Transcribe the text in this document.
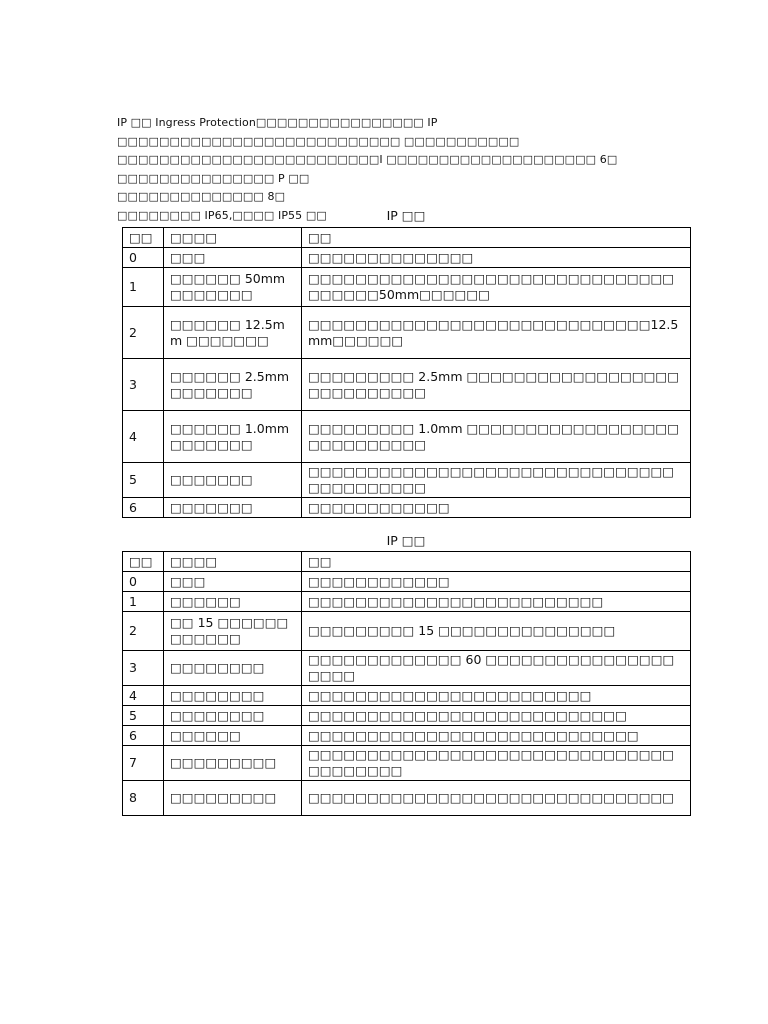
IP □□ Ingress Protection□□□□□□□□□□□□□□□□ IP □□□□□□□□□□□□□□□□□□□□□□□□□□□ □□□□□□□□□□□

□□□□□□□□□□□□□□□□□□□□□□□□□I □□□□□□□□□□□□□□□□□□□□ 6□ □□□□□□□□□□□□□□□ P □□

□□□□□□□□□□□□□□ 8□

□□□□□□□□ IP65,□□□□ IP55 □□	IP □□
□□	□□□□	□□
0	□□□	□□□□□□□□□□□□□□
1	□□□□□□ 50mm □□□□□□□	□□□□□□□□□□□□□□□□□□□□□□□□□□□□□□□□□□□□□50mm□□□□□□
2	□□□□□□ 12.5mm □□□□□□□	□□□□□□□□□□□□□□□□□□□□□□□□□□□□□12.5mm□□□□□□
3	□□□□□□ 2.5mm □□□□□□□	□□□□□□□□□ 2.5mm □□□□□□□□□□□□□□□□□□□□□□□□□□□□
4	□□□□□□ 1.0mm □□□□□□□	□□□□□□□□□ 1.0mm □□□□□□□□□□□□□□□□□□□□□□□□□□□□
5	□□□□□□□	□□□□□□□□□□□□□□□□□□□□□□□□□□□□□□□□□□□□□□□□□
6	□□□□□□□	□□□□□□□□□□□□
IP □□
□□	□□□□	□□
0	□□□	□□□□□□□□□□□□
1	□□□□□□	□□□□□□□□□□□□□□□□□□□□□□□□□
2	□□ 15 □□□□□□□□□□□□	□□□□□□□□□ 15 □□□□□□□□□□□□□□□
3	□□□□□□□□	□□□□□□□□□□□□□ 60 □□□□□□□□□□□□□□□□□□□□
4	□□□□□□□□	□□□□□□□□□□□□□□□□□□□□□□□□
5	□□□□□□□□	□□□□□□□□□□□□□□□□□□□□□□□□□□□
6	□□□□□□	□□□□□□□□□□□□□□□□□□□□□□□□□□□□
7	□□□□□□□□□	□□□□□□□□□□□□□□□□□□□□□□□□□□□□□□□□□□□□□□□
8	□□□□□□□□□	□□□□□□□□□□□□□□□□□□□□□□□□□□□□□□□
